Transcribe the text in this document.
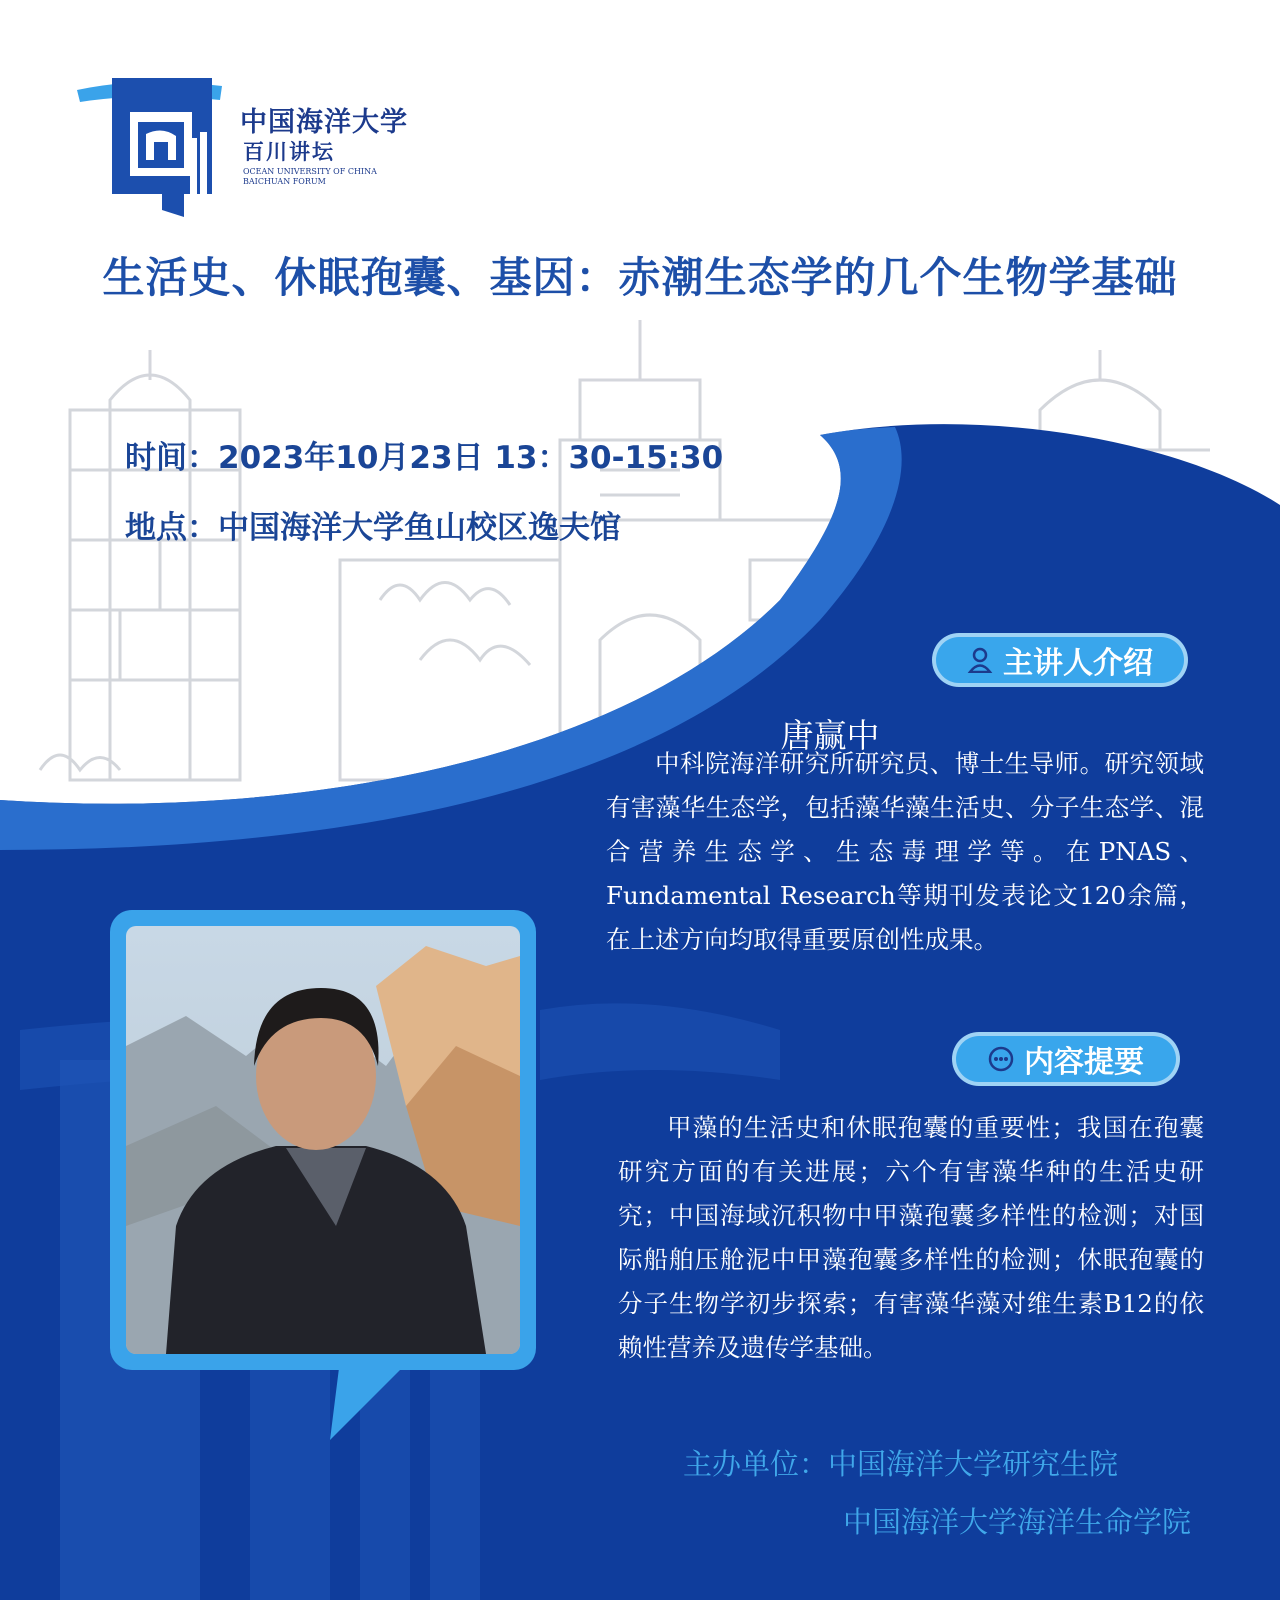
中国海洋大学
百川讲坛
OCEAN UNIVERSITY OF CHINA
BAICHUAN FORUM
生活史、休眠孢囊、基因：赤潮生态学的几个生物学基础
时间：2023年10月23日 13：30-15:30
地点：中国海洋大学鱼山校区逸夫馆
主讲人介绍
唐赢中
中科院海洋研究所研究员、博士生导师。研究领域有害藻华生态学，包括藻华藻生活史、分子生态学、混合营养生态学、生态毒理学等。在PNAS、Fundamental Research等期刊发表论文120余篇，在上述方向均取得重要原创性成果。
内容提要
甲藻的生活史和休眠孢囊的重要性；我国在孢囊研究方面的有关进展；六个有害藻华种的生活史研究；中国海域沉积物中甲藻孢囊多样性的检测；对国际船舶压舱泥中甲藻孢囊多样性的检测；休眠孢囊的分子生物学初步探索；有害藻华藻对维生素B12的依赖性营养及遗传学基础。
主办单位：中国海洋大学研究生院
中国海洋大学海洋生命学院
